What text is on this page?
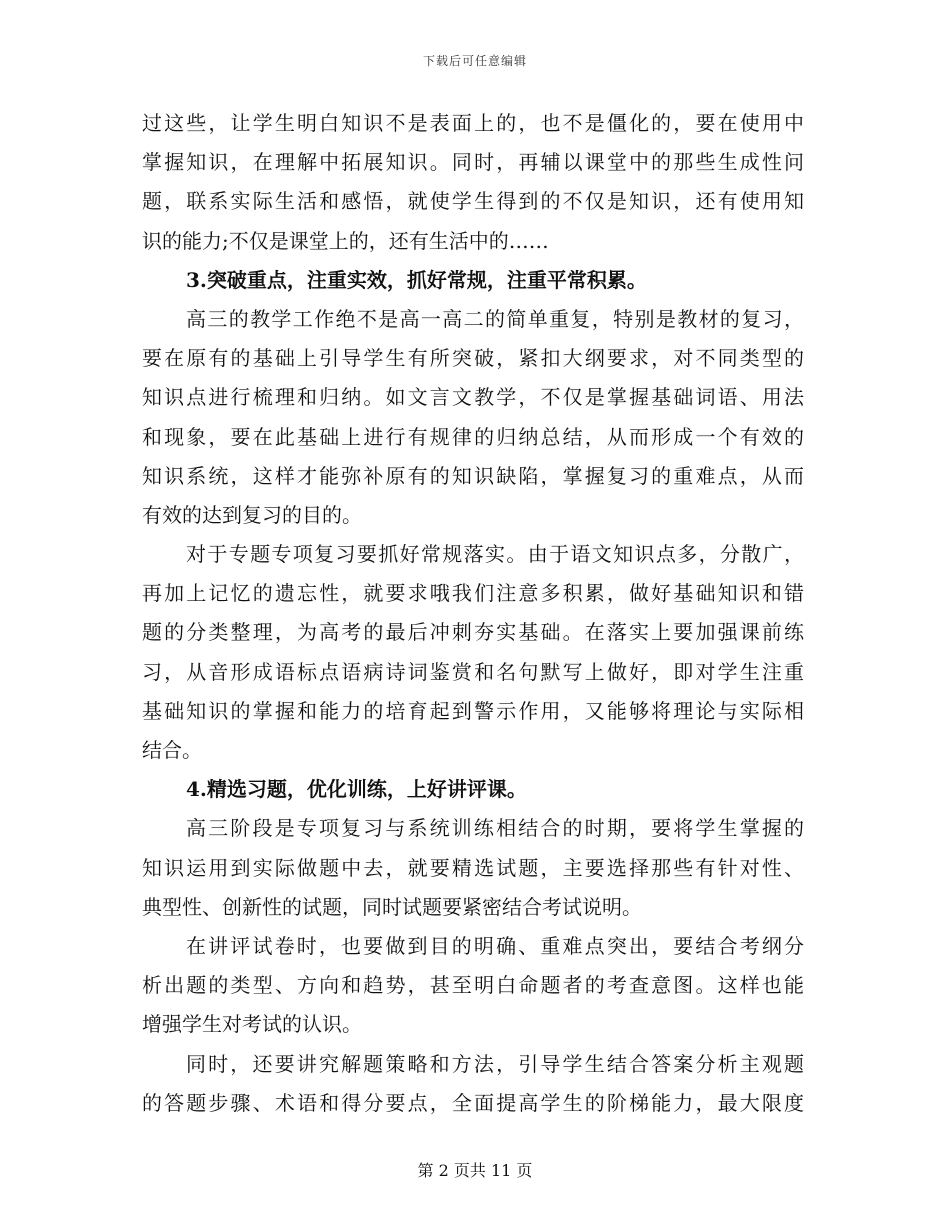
下载后可任意编辑
过这些，让学生明白知识不是表面上的，也不是僵化的，要在使用中
掌握知识，在理解中拓展知识。同时，再辅以课堂中的那些生成性问
题，联系实际生活和感悟，就使学生得到的不仅是知识，还有使用知
识的能力;不仅是课堂上的，还有生活中的……
3.突破重点，注重实效，抓好常规，注重平常积累。
高三的教学工作绝不是高一高二的简单重复，特别是教材的复习，
要在原有的基础上引导学生有所突破，紧扣大纲要求，对不同类型的
知识点进行梳理和归纳。如文言文教学，不仅是掌握基础词语、用法
和现象，要在此基础上进行有规律的归纳总结，从而形成一个有效的
知识系统，这样才能弥补原有的知识缺陷，掌握复习的重难点，从而
有效的达到复习的目的。
对于专题专项复习要抓好常规落实。由于语文知识点多，分散广，
再加上记忆的遗忘性，就要求哦我们注意多积累，做好基础知识和错
题的分类整理，为高考的最后冲刺夯实基础。在落实上要加强课前练
习，从音形成语标点语病诗词鉴赏和名句默写上做好，即对学生注重
基础知识的掌握和能力的培育起到警示作用，又能够将理论与实际相
结合。
4.精选习题，优化训练，上好讲评课。
高三阶段是专项复习与系统训练相结合的时期，要将学生掌握的
知识运用到实际做题中去，就要精选试题，主要选择那些有针对性、
典型性、创新性的试题，同时试题要紧密结合考试说明。
在讲评试卷时，也要做到目的明确、重难点突出，要结合考纲分
析出题的类型、方向和趋势，甚至明白命题者的考查意图。这样也能
增强学生对考试的认识。
同时，还要讲究解题策略和方法，引导学生结合答案分析主观题
的答题步骤、术语和得分要点，全面提高学生的阶梯能力，最大限度
第 2 页共 11 页
